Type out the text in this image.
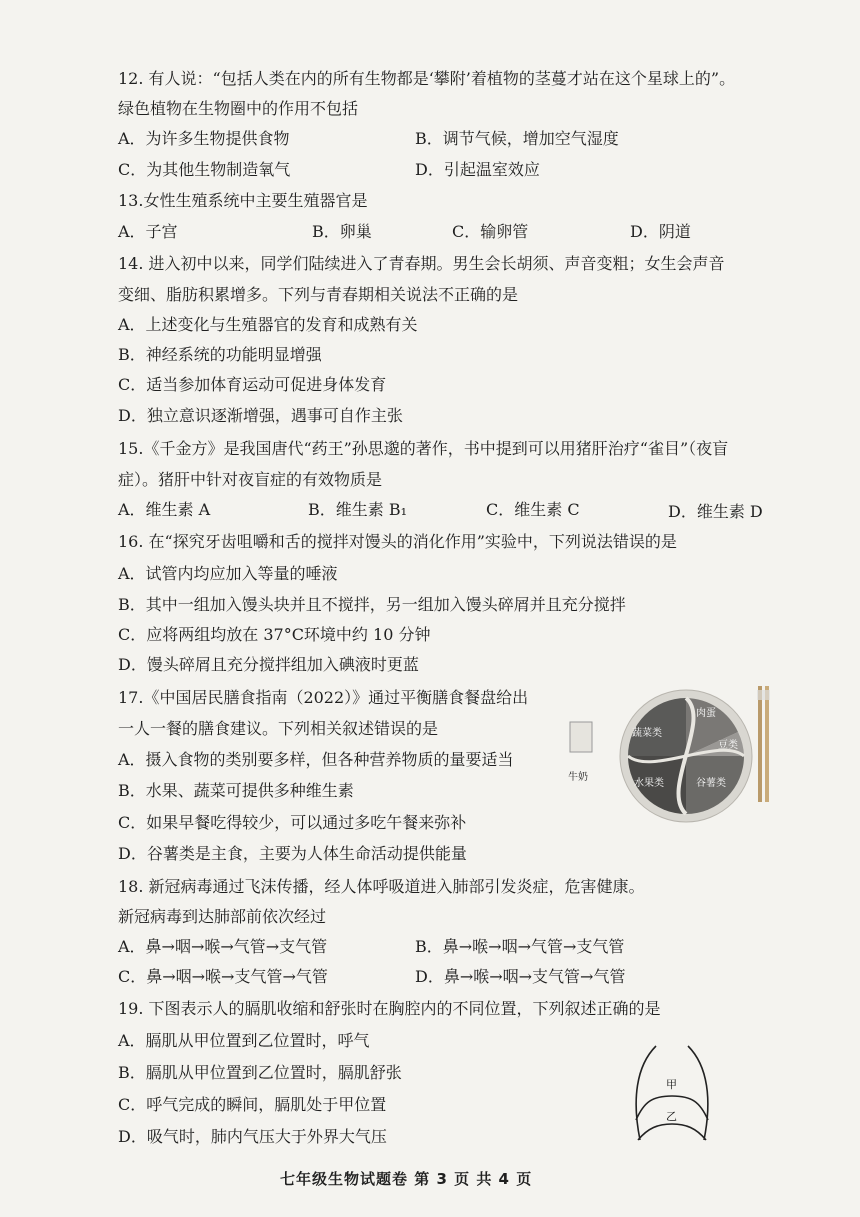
12. 有人说：“包括人类在内的所有生物都是‘攀附’着植物的茎蔓才站在这个星球上的”。
绿色植物在生物圈中的作用不包括
A．为许多生物提供食物	B．调节气候，增加空气湿度
C．为其他生物制造氧气	D．引起温室效应
13.女性生殖系统中主要生殖器官是
A．子宫	B．卵巢	C．输卵管	D．阴道
14. 进入初中以来，同学们陆续进入了青春期。男生会长胡须、声音变粗；女生会声音
变细、脂肪积累增多。下列与青春期相关说法不正确的是
A．上述变化与生殖器官的发育和成熟有关
B．神经系统的功能明显增强
C．适当参加体育运动可促进身体发育
D．独立意识逐渐增强，遇事可自作主张
15.《千金方》是我国唐代“药王”孙思邈的著作，书中提到可以用猪肝治疗“雀目”（夜盲
症）。猪肝中针对夜盲症的有效物质是
A．维生素 A	B．维生素 B₁	C．维生素 C	D．维生素 D
16. 在“探究牙齿咀嚼和舌的搅拌对馒头的消化作用”实验中，下列说法错误的是
A．试管内均应加入等量的唾液
B．其中一组加入馒头块并且不搅拌，另一组加入馒头碎屑并且充分搅拌
C．应将两组均放在 37°C环境中约 10 分钟
D．馒头碎屑且充分搅拌组加入碘液时更蓝
17.《中国居民膳食指南（2022）》通过平衡膳食餐盘给出
一人一餐的膳食建议。下列相关叙述错误的是
A．摄入食物的类别要多样，但各种营养物质的量要适当
B．水果、蔬菜可提供多种维生素
C．如果早餐吃得较少，可以通过多吃午餐来弥补
D．谷薯类是主食，主要为人体生命活动提供能量
蔬菜类
肉蛋
豆类
水果类	谷薯类
牛奶
18. 新冠病毒通过飞沫传播，经人体呼吸道进入肺部引发炎症，危害健康。
新冠病毒到达肺部前依次经过
A．鼻→咽→喉→气管→支气管	B．鼻→喉→咽→气管→支气管
C．鼻→咽→喉→支气管→气管	D．鼻→喉→咽→支气管→气管
19. 下图表示人的膈肌收缩和舒张时在胸腔内的不同位置，下列叙述正确的是
A．膈肌从甲位置到乙位置时，呼气
B．膈肌从甲位置到乙位置时，膈肌舒张
C．呼气完成的瞬间，膈肌处于甲位置
D．吸气时，肺内气压大于外界大气压
甲
乙
七年级生物试题卷 第 3 页 共 4 页
